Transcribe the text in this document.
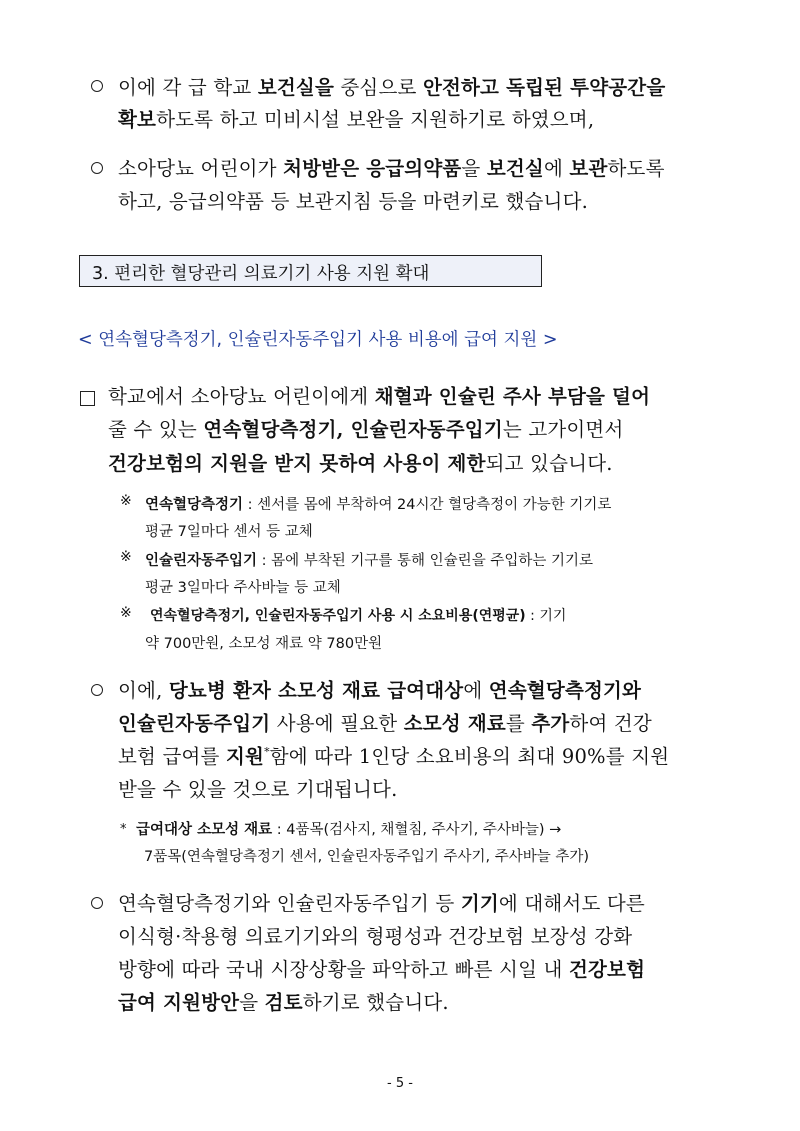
이에 각 급 학교 보건실을 중심으로 안전하고 독립된 투약공간을
확보하도록 하고 미비시설 보완을 지원하기로 하였으며,
소아당뇨 어린이가 처방받은 응급의약품을 보건실에 보관하도록
하고, 응급의약품 등 보관지침 등을 마련키로 했습니다.
3. 편리한 혈당관리 의료기기 사용 지원 확대
< 연속혈당측정기, 인슐린자동주입기 사용 비용에 급여 지원 >
학교에서 소아당뇨 어린이에게 채혈과 인슐린 주사 부담을 덜어
줄 수 있는 연속혈당측정기, 인슐린자동주입기는 고가이면서
건강보험의 지원을 받지 못하여 사용이 제한되고 있습니다.
※ 연속혈당측정기 : 센서를 몸에 부착하여 24시간 혈당측정이 가능한 기기로
평균 7일마다 센서 등 교체
※ 인슐린자동주입기 : 몸에 부착된 기구를 통해 인슐린을 주입하는 기기로
평균 3일마다 주사바늘 등 교체
※ 연속혈당측정기, 인슐린자동주입기 사용 시 소요비용(연평균) : 기기
약 700만원, 소모성 재료 약 780만원
이에, 당뇨병 환자 소모성 재료 급여대상에 연속혈당측정기와
인슐린자동주입기 사용에 필요한 소모성 재료를 추가하여 건강
보험 급여를 지원*함에 따라 1인당 소요비용의 최대 90%를 지원
받을 수 있을 것으로 기대됩니다.
* 급여대상 소모성 재료 : 4품목(검사지, 채혈침, 주사기, 주사바늘) →
7품목(연속혈당측정기 센서, 인슐린자동주입기 주사기, 주사바늘 추가)
연속혈당측정기와 인슐린자동주입기 등 기기에 대해서도 다른
이식형·착용형 의료기기와의 형평성과 건강보험 보장성 강화
방향에 따라 국내 시장상황을 파악하고 빠른 시일 내 건강보험
급여 지원방안을 검토하기로 했습니다.
- 5 -
